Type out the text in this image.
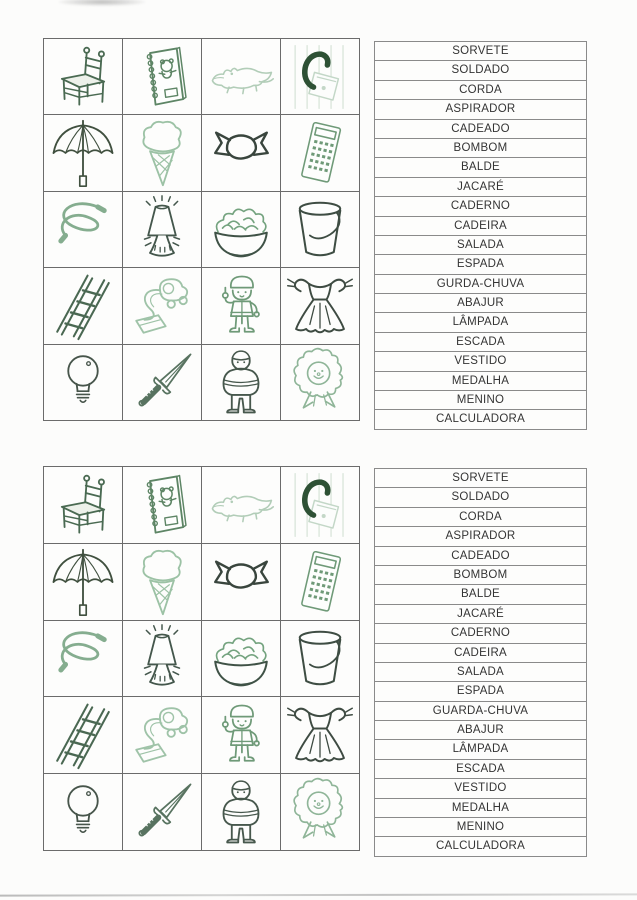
SORVETE
SOLDADO
CORDA
ASPIRADOR
CADEADO
BOMBOM
BALDE
JACARÉ
CADERNO
CADEIRA
SALADA
ESPADA
GURDA-CHUVA
ABAJUR
LÂMPADA
ESCADA
VESTIDO
MEDALHA
MENINO
CALCULADORA
SORVETE
SOLDADO
CORDA
ASPIRADOR
CADEADO
BOMBOM
BALDE
JACARÉ
CADERNO
CADEIRA
SALADA
ESPADA
GUARDA-CHUVA
ABAJUR
LÂMPADA
ESCADA
VESTIDO
MEDALHA
MENINO
CALCULADORA
